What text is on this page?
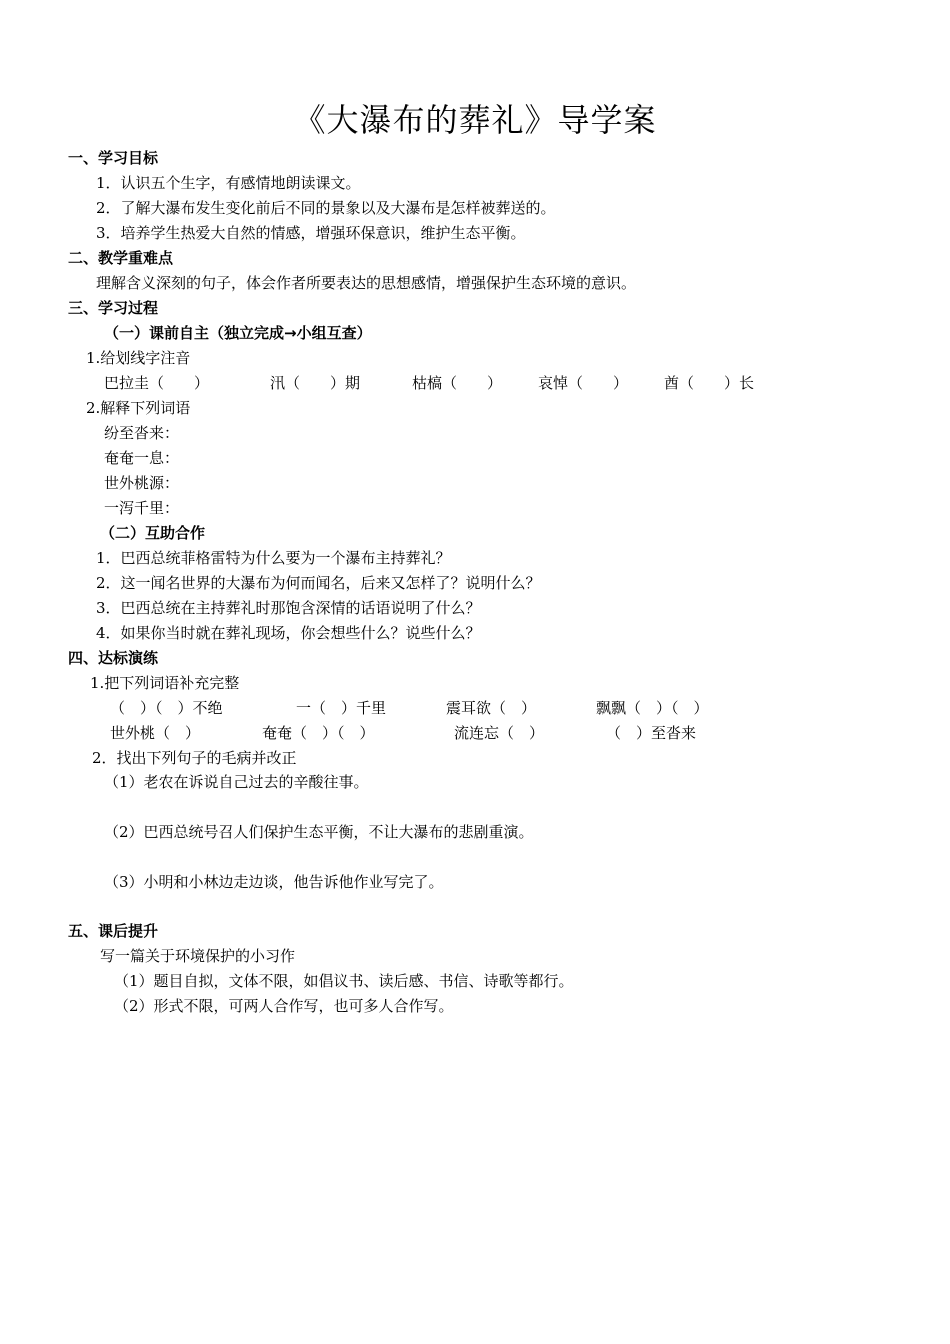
《大瀑布的葬礼》导学案
一、学习目标
1．认识五个生字，有感情地朗读课文。
2．了解大瀑布发生变化前后不同的景象以及大瀑布是怎样被葬送的。
3．培养学生热爱大自然的情感，增强环保意识，维护生态平衡。
二、教学重难点
理解含义深刻的句子，体会作者所要表达的思想感情，增强保护生态环境的意识。
三、学习过程
（一）课前自主（独立完成→小组互查）
1.给划线字注音
巴拉圭（　　）	汛（　　）期	枯槁（　　） 哀悼（　　） 酋（　　）长
2.解释下列词语
纷至沓来：
奄奄一息：
世外桃源：
一泻千里：
（二）互助合作
1．巴西总统菲格雷特为什么要为一个瀑布主持葬礼？
2．这一闻名世界的大瀑布为何而闻名，后来又怎样了？说明什么？
3．巴西总统在主持葬礼时那饱含深情的话语说明了什么？
4．如果你当时就在葬礼现场，你会想些什么？说些什么？
四、达标演练
1.把下列词语补充完整
（　）（　）不绝	一（　）千里	震耳欲（　）	飘飘（　）（　）
世外桃（　）	奄奄（　）（　）	流连忘（　）	（　）至沓来
2．找出下列句子的毛病并改正
（1）老农在诉说自己过去的辛酸往事。
（2）巴西总统号召人们保护生态平衡，不让大瀑布的悲剧重演。
（3）小明和小林边走边谈，他告诉他作业写完了。
五、课后提升
写一篇关于环境保护的小习作
（1）题目自拟，文体不限，如倡议书、读后感、书信、诗歌等都行。
（2）形式不限，可两人合作写，也可多人合作写。
